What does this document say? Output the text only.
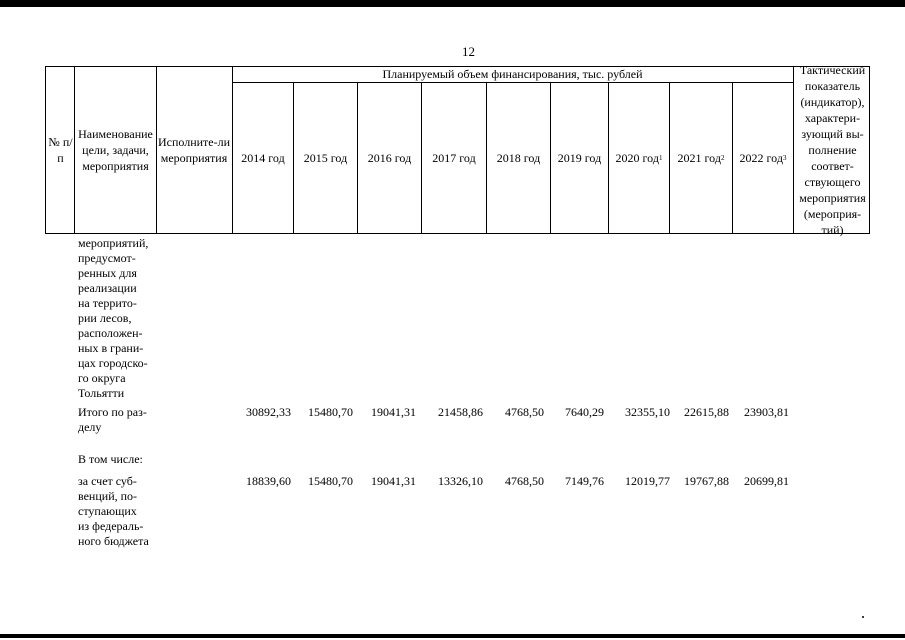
12
№ п/п
Наименование цели, задачи, мероприятия
Исполните-ли мероприятия
Планируемый объем финансирования, тыс. рублей	Тактический показатель (индикатор), характери-зующий вы-полнение соответ-ствующего мероприятия (мероприя-тий)
2014 год 2015 год 2016 год 2017 год 2018 год 2019 год 2020 год 1 2021 год 2 2022 год 3
мероприятий,
предусмот-
ренных для
реализации
на террито-
рии лесов,
расположен-
ных в грани-
цах городско-
го округа
Тольятти
Итого по раз-
делу
30892,33 15480,70 19041,31 21458,86 4768,50 7640,29 32355,10 22615,88 23903,81
В том числе:
за счет суб-
венций, по-
ступающих
из федераль-
ного бюджета
18839,60 15480,70 19041,31 13326,10 4768,50 7149,76 12019,77 19767,88 20699,81
